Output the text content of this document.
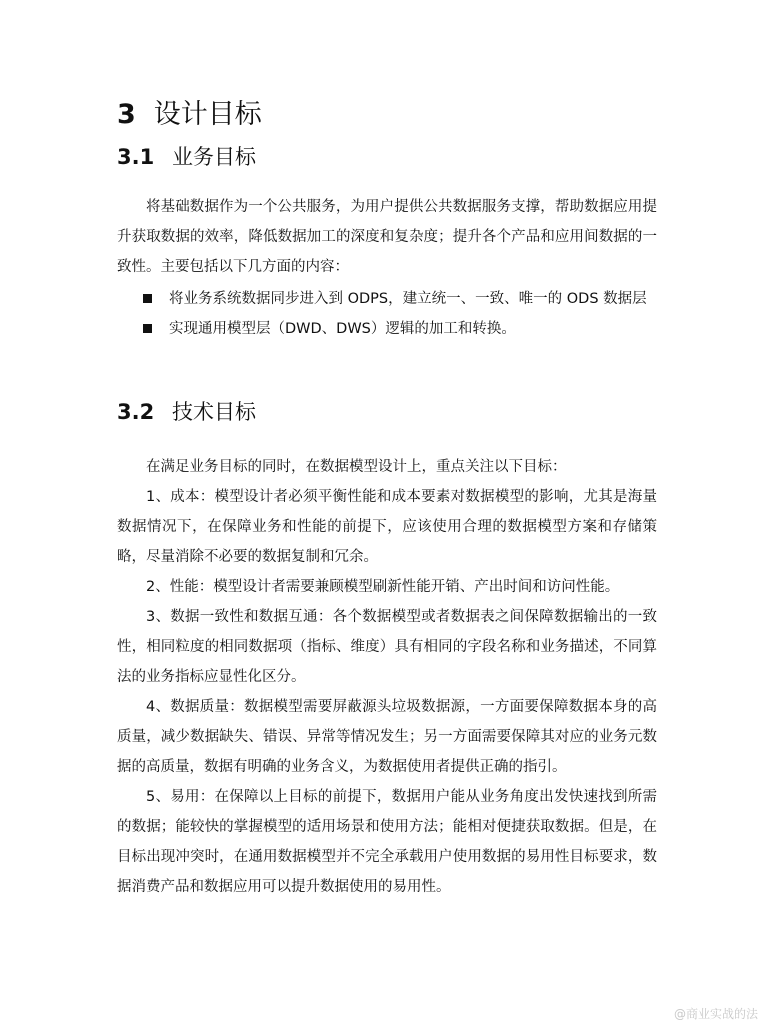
3 设计目标
3.1 业务目标

将基础数据作为一个公共服务，为用户提供公共数据服务支撑，帮助数据应用提升获取数据的效率，降低数据加工的深度和复杂度；提升各个产品和应用间数据的一致性。主要包括以下几方面的内容：

将业务系统数据同步进入到 ODPS，建立统一、一致、唯一的 ODS 数据层
实现通用模型层（DWD、DWS）逻辑的加工和转换。
3.2 技术目标

在满足业务目标的同时，在数据模型设计上，重点关注以下目标：

1、成本：模型设计者必须平衡性能和成本要素对数据模型的影响，尤其是海量数据情况下，在保障业务和性能的前提下，应该使用合理的数据模型方案和存储策略，尽量消除不必要的数据复制和冗余。

2、性能：模型设计者需要兼顾模型刷新性能开销、产出时间和访问性能。

3、数据一致性和数据互通：各个数据模型或者数据表之间保障数据输出的一致性，相同粒度的相同数据项（指标、维度）具有相同的字段名称和业务描述，不同算法的业务指标应显性化区分。

4、数据质量：数据模型需要屏蔽源头垃圾数据源，一方面要保障数据本身的高质量，减少数据缺失、错误、异常等情况发生；另一方面需要保障其对应的业务元数据的高质量，数据有明确的业务含义，为数据使用者提供正确的指引。

5、易用：在保障以上目标的前提下，数据用户能从业务角度出发快速找到所需的数据；能较快的掌握模型的适用场景和使用方法；能相对便捷获取数据。但是，在目标出现冲突时，在通用数据模型并不完全承载用户使用数据的易用性目标要求，数据消费产品和数据应用可以提升数据使用的易用性。

@商业实战的法
